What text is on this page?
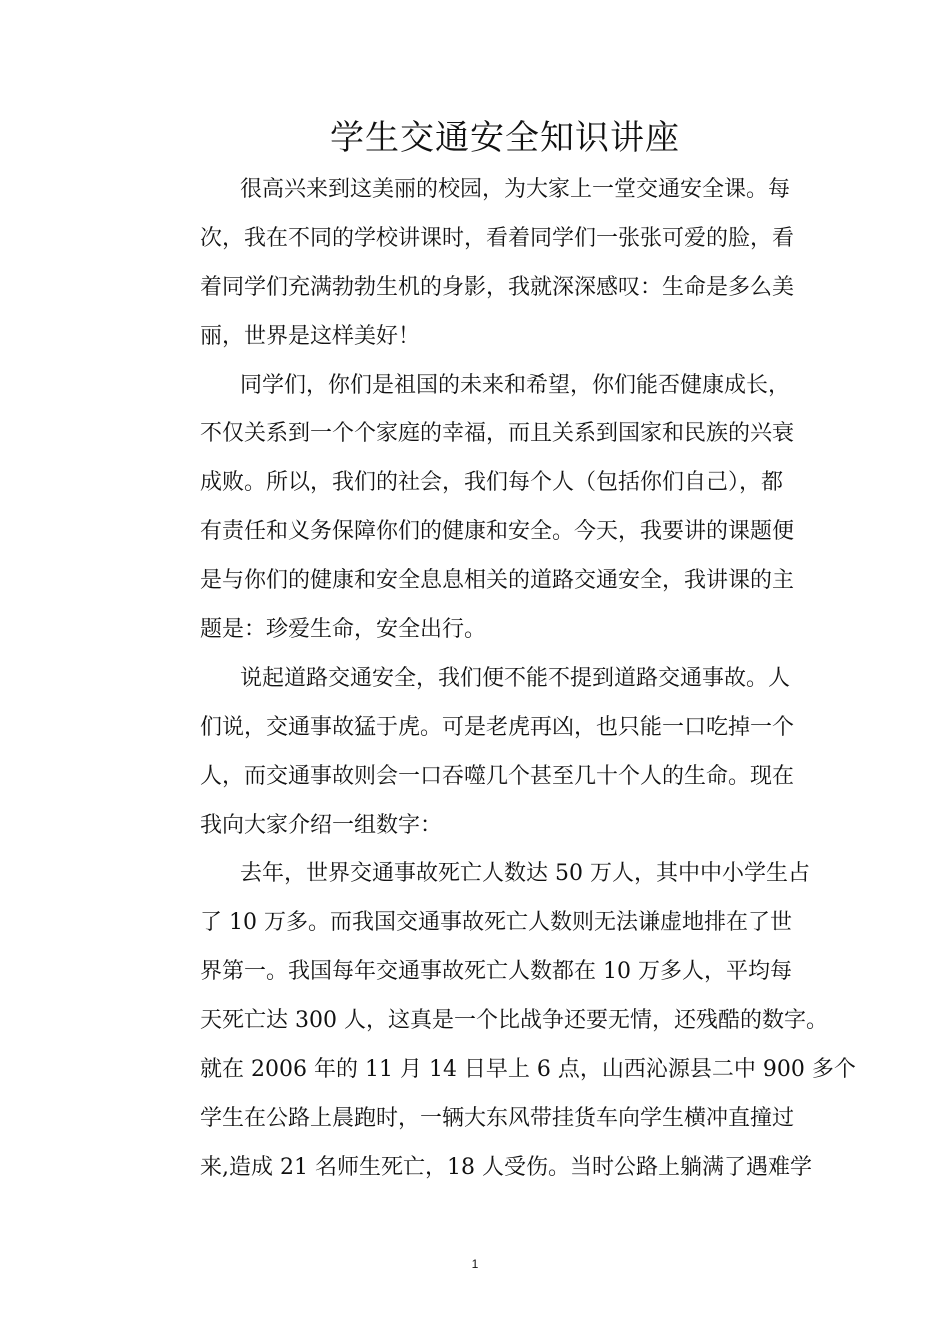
学生交通安全知识讲座

很高兴来到这美丽的校园，为大家上一堂交通安全课。每
次，我在不同的学校讲课时，看着同学们一张张可爱的脸，看
着同学们充满勃勃生机的身影，我就深深感叹：生命是多么美
丽，世界是这样美好！

同学们，你们是祖国的未来和希望，你们能否健康成长，
不仅关系到一个个家庭的幸福，而且关系到国家和民族的兴衰
成败。所以，我们的社会，我们每个人（包括你们自己），都
有责任和义务保障你们的健康和安全。今天，我要讲的课题便
是与你们的健康和安全息息相关的道路交通安全，我讲课的主
题是：珍爱生命，安全出行。

说起道路交通安全，我们便不能不提到道路交通事故。人
们说，交通事故猛于虎。可是老虎再凶，也只能一口吃掉一个
人，而交通事故则会一口吞噬几个甚至几十个人的生命。现在
我向大家介绍一组数字：

去年，世界交通事故死亡人数达 50 万人，其中中小学生占
了 10 万多。而我国交通事故死亡人数则无法谦虚地排在了世
界第一。我国每年交通事故死亡人数都在 10 万多人，平均每
天死亡达 300 人，这真是一个比战争还要无情，还残酷的数字。
就在 2006 年的 11 月 14 日早上 6 点，山西沁源县二中 900 多个
学生在公路上晨跑时，一辆大东风带挂货车向学生横冲直撞过
来,造成 21 名师生死亡，18 人受伤。当时公路上躺满了遇难学

1
